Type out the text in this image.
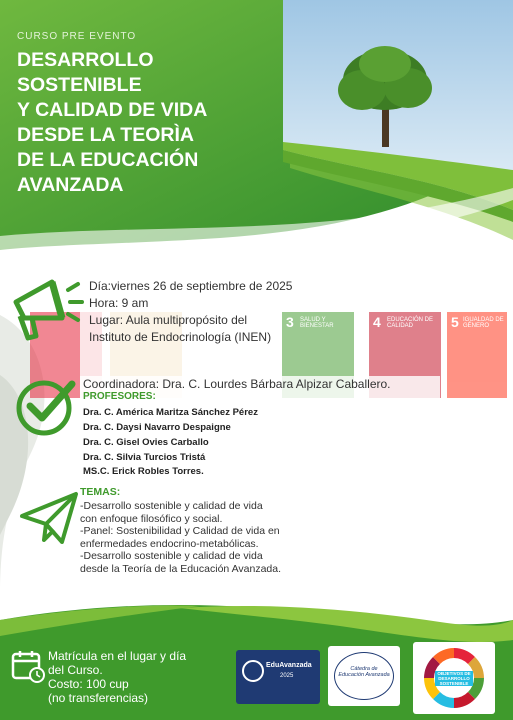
CURSO PRE EVENTO
DESARROLLO
SOSTENIBLE
Y CALIDAD DE VIDA
DESDE LA TEORÌA
DE LA EDUCACIÓN
AVANZADA
3 SALUD Y BIENESTAR	4 EDUCACIÓN DE CALIDAD	5 IGUALDAD DE GÉNERO
Día:viernes 26 de septiembre de 2025
Hora: 9 am
Lugar: Aula multipropósito del
Instituto de Endocrinología (INEN)
Coordinadora: Dra. C. Lourdes Bárbara Alpizar Caballero.
PROFESORES:
Dra. C. América Maritza Sánchez Pérez
Dra. C. Daysi Navarro Despaigne
Dra. C. Gisel Ovies Carballo
Dra. C. Silvia Turcios Tristá
MS.C. Erick Robles Torres.
TEMAS:
-Desarrollo sostenible y calidad de vida
con enfoque filosófico y social.
-Panel: Sostenibilidad y Calidad de vida en
enfermedades endocrino-metabólicas.
-Desarrollo sostenible y calidad de vida
desde la Teoría de la Educación Avanzada.
Matrícula en el lugar y día
del Curso.
Costo: 100 cup
(no transferencias)
EduAvanzada
2025
Cátedra de Educación Avanzada	OBJETIVOS DE DESARROLLO SOSTENIBLE
